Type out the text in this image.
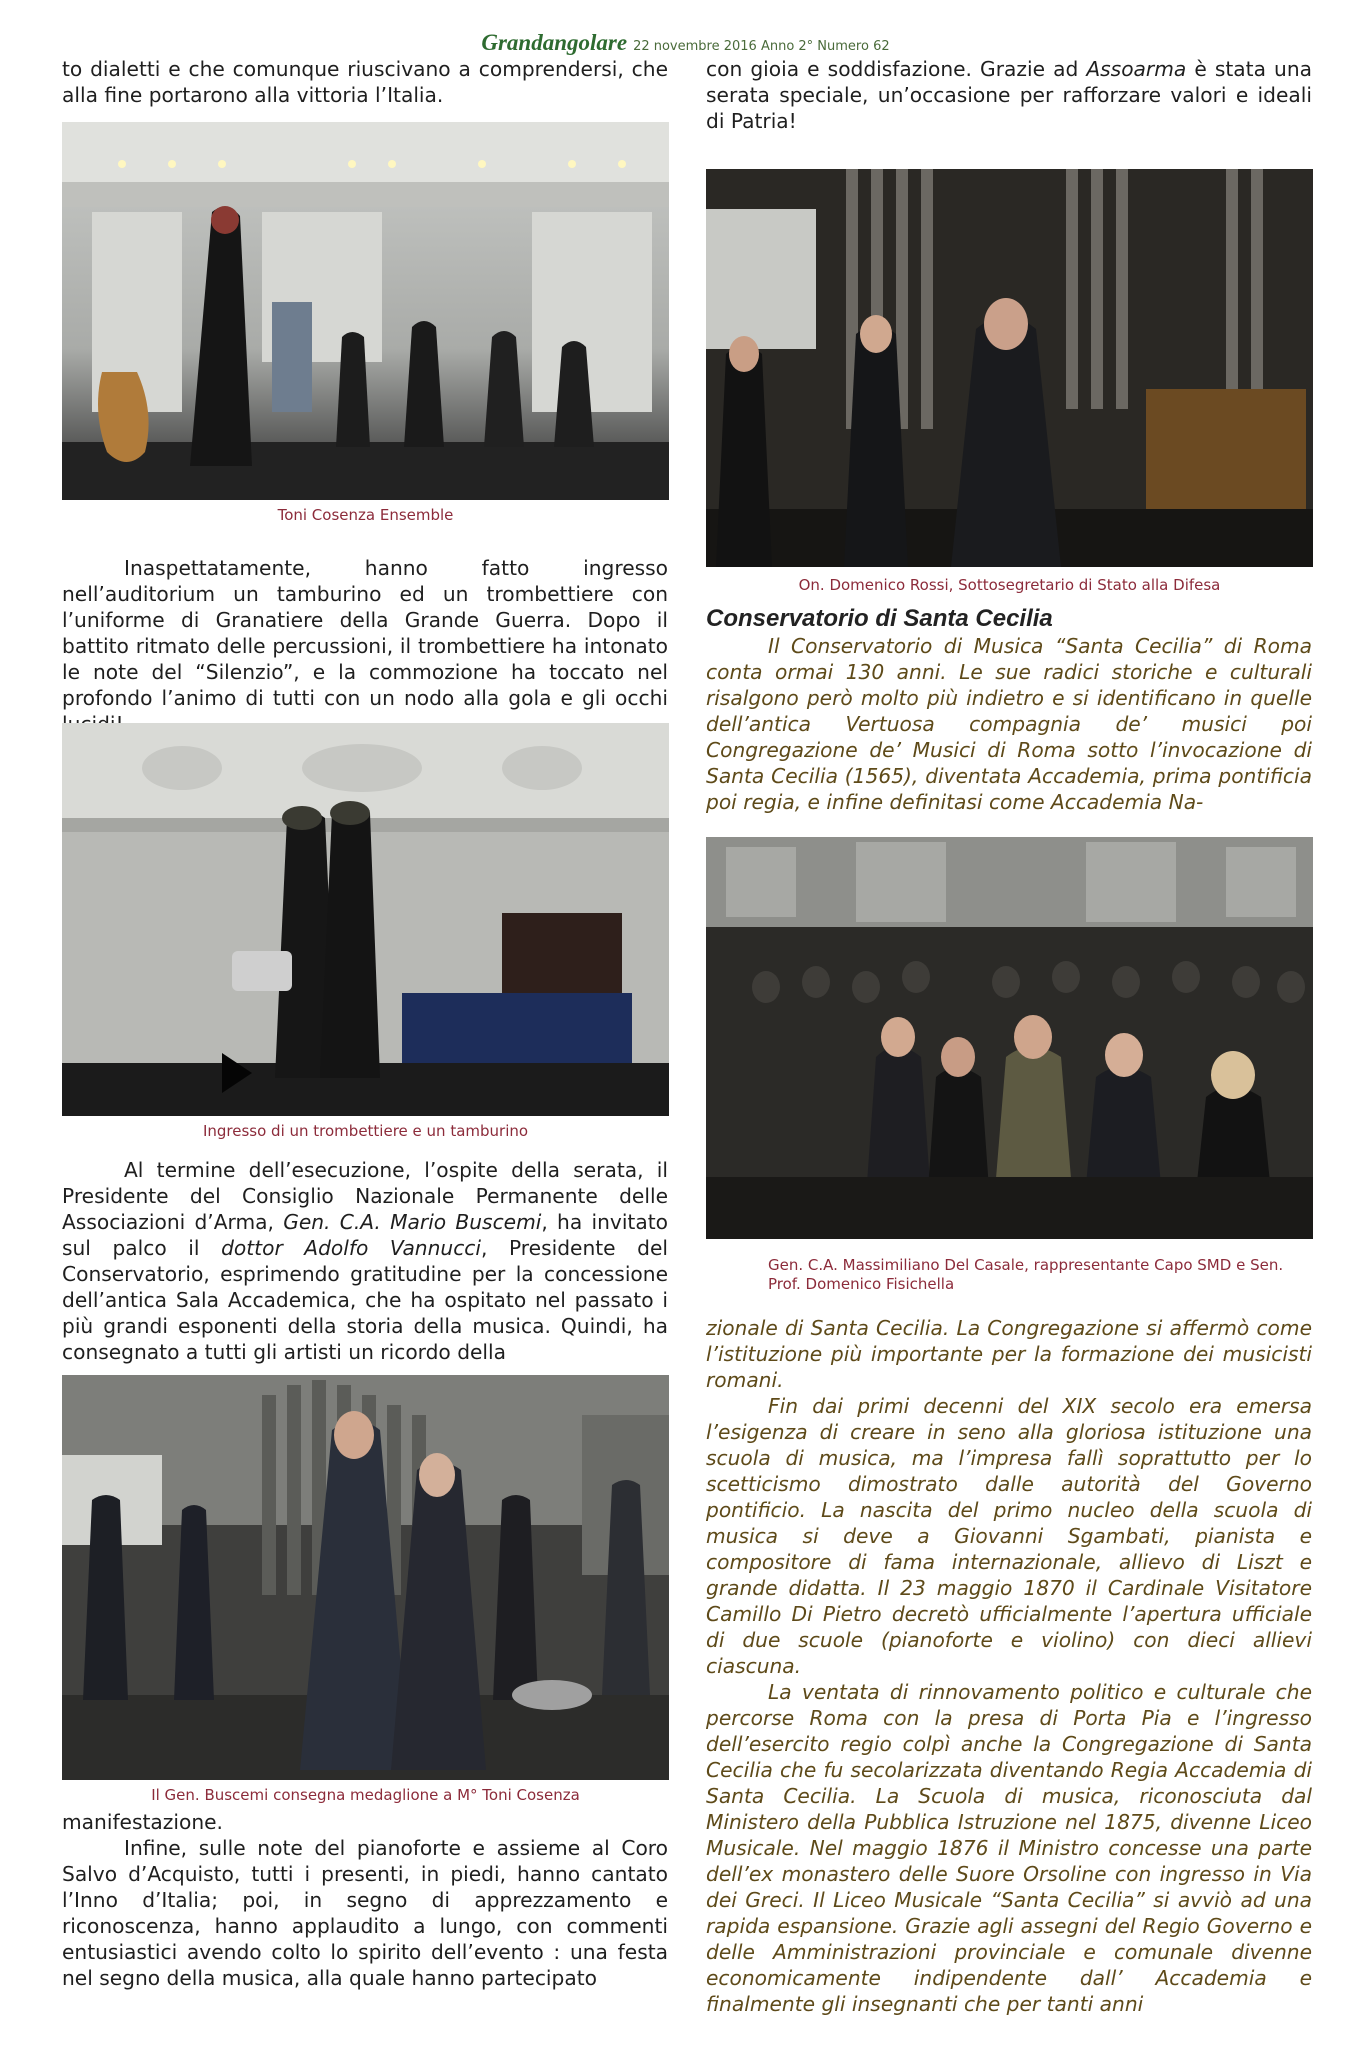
Grandangolare 22 novembre 2016 Anno 2° Numero 62

to dialetti e che comunque riuscivano a comprendersi, che alla fine portarono alla vittoria l’Italia.

Toni Cosenza Ensemble

Inaspettatamente, hanno fatto ingresso nell’auditorium un tamburino ed un trombettiere con l’uniforme di Granatiere della Grande Guerra. Dopo il battito ritmato delle percussioni, il trombettiere ha intonato le note del “Silenzio”, e la commozione ha toccato nel profondo l’animo di tutti con un nodo alla gola e gli occhi

Ingresso di un trombettiere e un tamburino

Al termine dell’esecuzione, l’ospite della serata, il Presidente del Consiglio Nazionale Permanente delle Associazioni d’Arma, Gen. C.A. Mario Buscemi, ha invitato sul palco il dottor Adolfo Vannucci, Presidente del Conservatorio, esprimendo gratitudine per la concessione dell’antica Sala Accademica, che ha ospitato nel passato i più grandi esponenti della storia della musica. Quindi, ha consegnato a tutti gli artisti un ricordo della

Il Gen. Buscemi consegna medaglione a M° Toni Cosenza

manifestazione.

Infine, sulle note del pianoforte e assieme al Coro Salvo d’Acquisto, tutti i presenti, in piedi, hanno cantato l’Inno d’Italia; poi, in segno di apprezzamento e riconoscenza, hanno applaudito a lungo, con commenti entusiastici avendo colto lo spirito dell’evento : una festa nel segno della musica, alla quale hanno partecipato

con gioia e soddisfazione. Grazie ad Assoarma è stata una serata speciale, un’occasione per rafforzare valori e ideali di Patria!

On. Domenico Rossi, Sottosegretario di Stato alla Difesa

Conservatorio di Santa Cecilia

Il Conservatorio di Musica “Santa Cecilia” di Roma conta ormai 130 anni. Le sue radici storiche e culturali risalgono però molto più indietro e si identificano in quelle dell’antica Vertuosa compagnia de’ musici poi Congregazione de’ Musici di Roma sotto l’invocazione di Santa Cecilia (1565), diventata Accademia, prima pontificia poi regia, e infine definitasi come Accademia Na-

Gen. C.A. Massimiliano Del Casale, rappresentante Capo SMD e Sen. Prof. Domenico Fisichella

zionale di Santa Cecilia. La Congregazione si affermò come l’istituzione più importante per la formazione dei musicisti romani.

Fin dai primi decenni del XIX secolo era emersa l’esigenza di creare in seno alla gloriosa istituzione una scuola di musica, ma l’impresa fallì soprattutto per lo scetticismo dimostrato dalle autorità del Governo pontificio. La nascita del primo nucleo della scuola di musica si deve a Giovanni Sgambati, pianista e compositore di fama internazionale, allievo di Liszt e grande didatta. Il 23 maggio 1870 il Cardinale Visitatore Camillo Di Pietro decretò ufficialmente l’apertura ufficiale di due scuole (pianoforte e violino) con dieci allievi ciascuna.

La ventata di rinnovamento politico e culturale che percorse Roma con la presa di Porta Pia e l’ingresso dell’esercito regio colpì anche la Congregazione di Santa Cecilia che fu secolarizzata diventando Regia Accademia di Santa Cecilia. La Scuola di musica, riconosciuta dal Ministero della Pubblica Istruzione nel 1875, divenne Liceo Musicale. Nel maggio 1876 il Ministro concesse una parte dell’ex monastero delle Suore Orsoline con ingresso in Via dei Greci. Il Liceo Musicale “Santa Cecilia” si avviò ad una rapida espansione. Grazie agli assegni del Regio Governo e delle Amministrazioni provinciale e comunale divenne economicamente indipendente dall’ Accademia e finalmente gli insegnanti che per tanti anni
